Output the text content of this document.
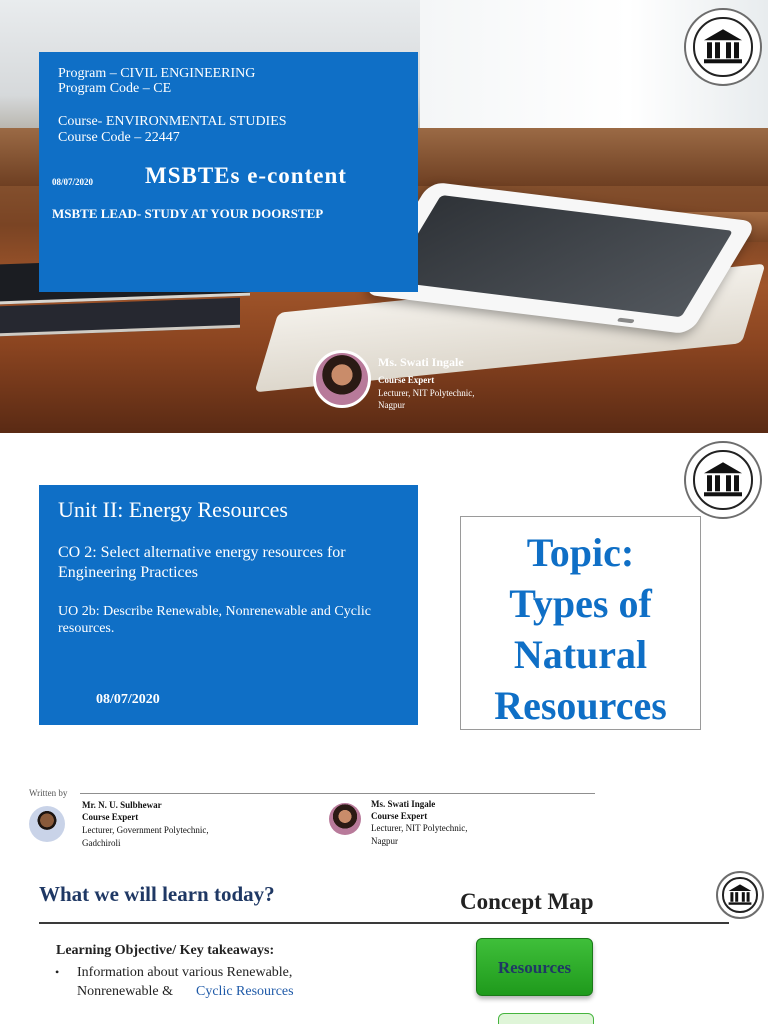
Program – CIVIL ENGINEERING
Program Code – CE
Course- ENVIRONMENTAL STUDIES
Course Code – 22447
08/07/2020 MSBTEs e-content
MSBTE LEAD- STUDY AT YOUR DOORSTEP
Ms. Swati Ingale
Course Expert
Lecturer, NIT Polytechnic,
Nagpur
Unit II: Energy Resources
CO 2: Select alternative energy resources for Engineering Practices
UO 2b: Describe Renewable, Nonrenewable and Cyclic resources.
08/07/2020
Topic:
Types of
Natural
Resources
Written by
Mr. N. U. Sulbhewar
Course Expert
Lecturer, Government Polytechnic,
Gadchiroli
Ms. Swati Ingale
Course Expert
Lecturer, NIT Polytechnic,
Nagpur
What we will learn today?	Concept Map
Learning Objective/ Key takeaways:
• Information about various Renewable,
Nonrenewable & Cyclic Resources
Resources
